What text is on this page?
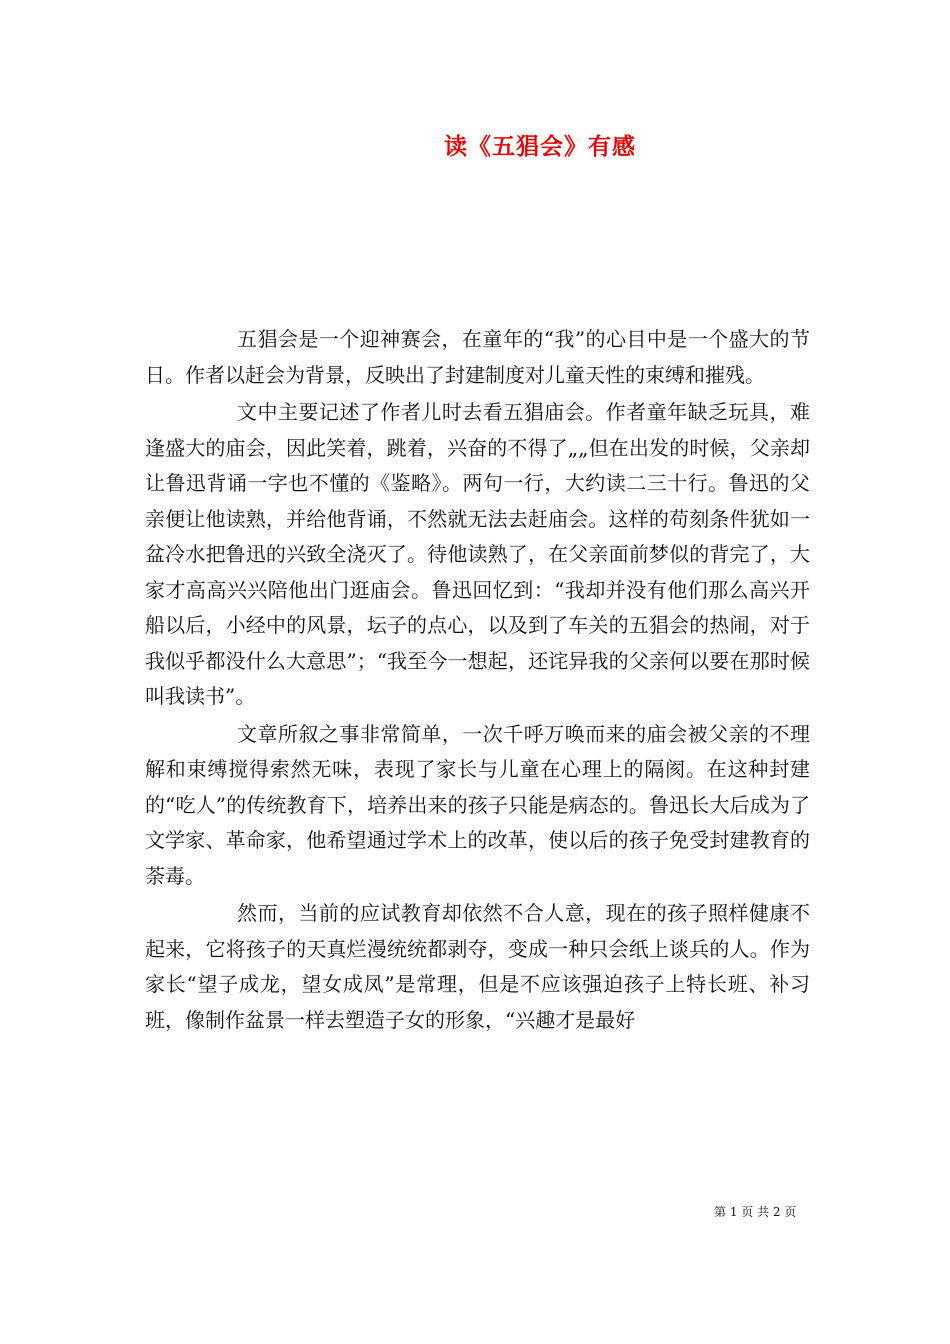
读《五猖会》有感

五猖会是一个迎神赛会，在童年的“我”的心目中是一个盛大的节日。作者以赶会为背景，反映出了封建制度对儿童天性的束缚和摧残。

文中主要记述了作者儿时去看五猖庙会。作者童年缺乏玩具，难逢盛大的庙会，因此笑着，跳着，兴奋的不得了„„但在出发的时候，父亲却让鲁迅背诵一字也不懂的《鉴略》。两句一行，大约读二三十行。鲁迅的父亲便让他读熟，并给他背诵，不然就无法去赶庙会。这样的苟刻条件犹如一盆冷水把鲁迅的兴致全浇灭了。待他读熟了，在父亲面前梦似的背完了，大家才高高兴兴陪他出门逛庙会。鲁迅回忆到：“我却并没有他们那么高兴开船以后，小经中的风景，坛子的点心，以及到了车关的五猖会的热闹，对于我似乎都没什么大意思”；“我至今一想起，还诧异我的父亲何以要在那时候叫我读书”。

文章所叙之事非常简单，一次千呼万唤而来的庙会被父亲的不理解和束缚搅得索然无味，表现了家长与儿童在心理上的隔阂。在这种封建的“吃人”的传统教育下，培养出来的孩子只能是病态的。鲁迅长大后成为了文学家、革命家，他希望通过学术上的改革，使以后的孩子免受封建教育的荼毒。

然而，当前的应试教育却依然不合人意，现在的孩子照样健康不起来，它将孩子的天真烂漫统统都剥夺，变成一种只会纸上谈兵的人。作为家长“望子成龙，望女成凤”是常理，但是不应该强迫孩子上特长班、补习班，像制作盆景一样去塑造子女的形象，“兴趣才是最好

第 1 页 共 2 页
